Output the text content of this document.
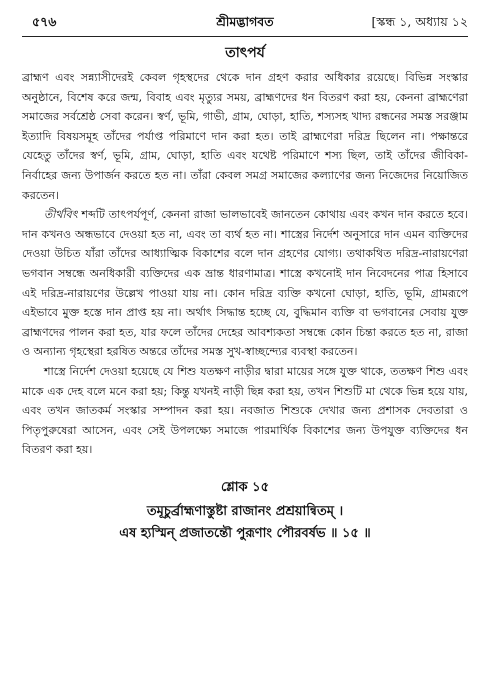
৫৭৬	শ্রীমদ্ভাগবত	[স্কন্ধ ১, অধ্যায় ১২
তাৎপর্য

ব্রাহ্মণ এবং সন্ন্যাসীদেরই কেবল গৃহস্থদের থেকে দান গ্রহণ করার অধিকার রয়েছে। বিভিন্ন সংস্কার অনুষ্ঠানে, বিশেষ করে জন্ম, বিবাহ এবং মৃত্যুর সময়, ব্রাহ্মণদের ধন বিতরণ করা হয়, কেননা ব্রাহ্মণেরা সমাজের সর্বশ্রেষ্ঠ সেবা করেন। স্বর্ণ, ভূমি, গাভী, গ্রাম, ঘোড়া, হাতি, শস্যসহ খাদ্য রন্ধনের সমস্ত সরঞ্জাম ইত্যাদি বিষয়সমূহ তাঁদের পর্যাপ্ত পরিমাণে দান করা হত। তাই ব্রাহ্মণেরা দরিদ্র ছিলেন না। পক্ষান্তরে যেহেতু তাঁদের স্বর্ণ, ভূমি, গ্রাম, ঘোড়া, হাতি এবং যথেষ্ট পরিমাণে শস্য ছিল, তাই তাঁদের জীবিকা-নির্বাহের জন্য উপার্জন করতে হত না। তাঁরা কেবল সমগ্র সমাজের কল্যাণের জন্য নিজেদের নিয়োজিত করতেন।

তীর্থবিৎ শব্দটি তাৎপর্যপূর্ণ, কেননা রাজা ভালভাবেই জানতেন কোথায় এবং কখন দান করতে হবে। দান কখনও অন্ধভাবে দেওয়া হত না, এবং তা ব্যর্থ হত না। শাস্ত্রের নির্দেশ অনুসারে দান এমন ব্যক্তিদের দেওয়া উচিত যাঁরা তাঁদের আধ্যাত্মিক বিকাশের বলে দান গ্রহণের যোগ্য। তথাকথিত দরিদ্র-নারায়ণেরা ভগবান সম্বন্ধে অনধিকারী ব্যক্তিদের এক ভ্রান্ত ধারণামাত্র। শাস্ত্রে কখনোই দান নিবেদনের পাত্র হিসাবে এই দরিদ্র-নারায়ণের উল্লেখ পাওয়া যায় না। কোন দরিদ্র ব্যক্তি কখনো ঘোড়া, হাতি, ভূমি, গ্রামরূপে এইভাবে মুক্ত হস্তে দান প্রাপ্ত হয় না। অর্থাৎ সিদ্ধান্ত হচ্ছে যে, বুদ্ধিমান ব্যক্তি বা ভগবানের সেবায় যুক্ত ব্রাহ্মণদের পালন করা হত, যার ফলে তাঁদের দেহের আবশ্যকতা সম্বন্ধে কোন চিন্তা করতে হত না, রাজা ও অন্যান্য গৃহস্থেরা হরষিত অন্তরে তাঁদের সমস্ত সুখ-স্বাচ্ছন্দ্যের ব্যবস্থা করতেন।

শাস্ত্রে নির্দেশ দেওয়া হয়েছে যে শিশু যতক্ষণ নাড়ীর দ্বারা মায়ের সঙ্গে যুক্ত থাকে, ততক্ষণ শিশু এবং মাকে এক দেহ বলে মনে করা হয়; কিন্তু যখনই নাড়ী ছিন্ন করা হয়, তখন শিশুটি মা থেকে ভিন্ন হয়ে যায়, এবং তখন জাতকর্ম সংস্কার সম্পাদন করা হয়। নবজাত শিশুকে দেখার জন্য প্রশাসক দেবতারা ও পিতৃপুরুষেরা আসেন, এবং সেই উপলক্ষ্যে সমাজে পারমার্থিক বিকাশের জন্য উপযুক্ত ব্যক্তিদের ধন বিতরণ করা হয়।

শ্লোক ১৫
তমূচুর্ব্রাহ্মণাস্তুষ্টা রাজানং প্রশ্রয়ান্বিতম্ ।
এষ হ্যস্মিন্ প্রজাতন্তৌ পুরূণাং পৌরবর্ষভ ॥ ১৫ ॥
